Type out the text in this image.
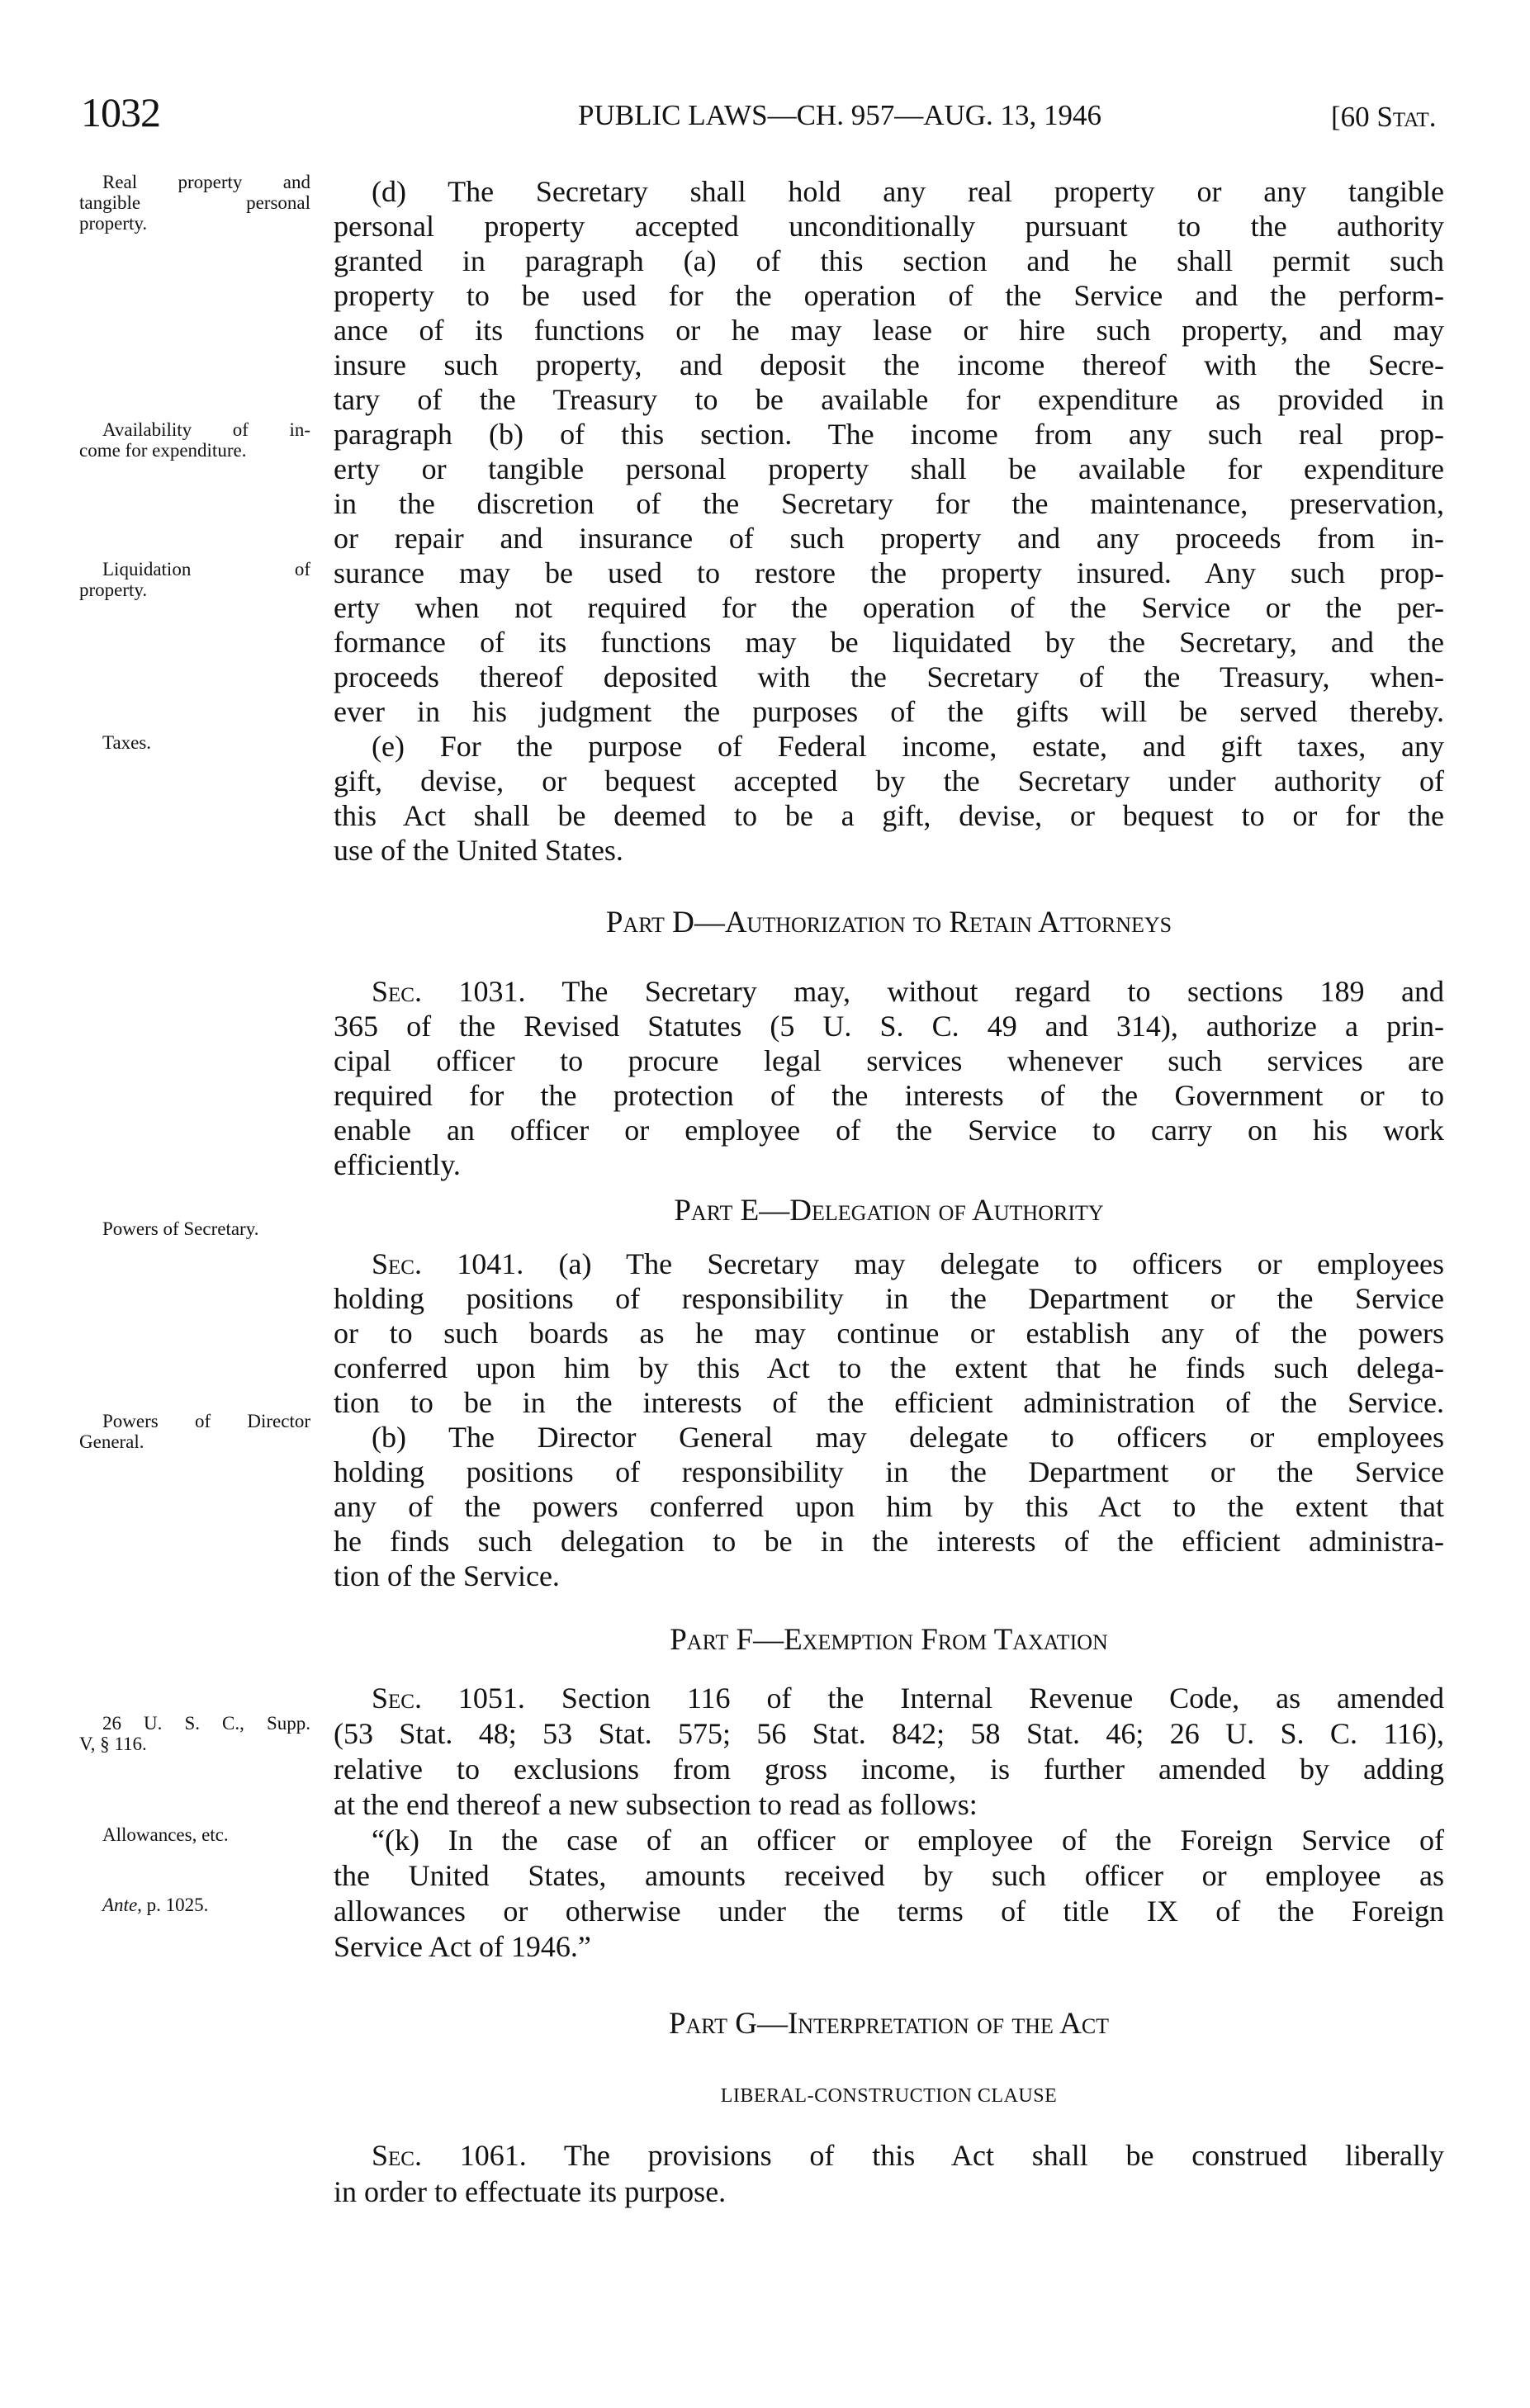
1032	PUBLIC LAWS—CH. 957—AUG. 13, 1946	[60 Stat.
Real property and
tangible personal
property.
Availability of in-
come for expenditure.
Liquidation of
property.
Taxes.
Powers of Secretary.
Powers of Director
General.
26 U. S. C., Supp.
V, § 116.
Allowances, etc.
Ante, p. 1025.
(d) The Secretary shall hold any real property or any tangible
personal property accepted unconditionally pursuant to the authority
granted in paragraph (a) of this section and he shall permit such
property to be used for the operation of the Service and the perform-
ance of its functions or he may lease or hire such property, and may
insure such property, and deposit the income thereof with the Secre-
tary of the Treasury to be available for expenditure as provided in
paragraph (b) of this section. The income from any such real prop-
erty or tangible personal property shall be available for expenditure
in the discretion of the Secretary for the maintenance, preservation,
or repair and insurance of such property and any proceeds from in-
surance may be used to restore the property insured. Any such prop-
erty when not required for the operation of the Service or the per-
formance of its functions may be liquidated by the Secretary, and the
proceeds thereof deposited with the Secretary of the Treasury, when-
ever in his judgment the purposes of the gifts will be served thereby.
(e) For the purpose of Federal income, estate, and gift taxes, any
gift, devise, or bequest accepted by the Secretary under authority of
this Act shall be deemed to be a gift, devise, or bequest to or for the
use of the United States.
Part D—Authorization to Retain Attorneys
Sec. 1031. The Secretary may, without regard to sections 189 and
365 of the Revised Statutes (5 U. S. C. 49 and 314), authorize a prin-
cipal officer to procure legal services whenever such services are
required for the protection of the interests of the Government or to
enable an officer or employee of the Service to carry on his work
efficiently.
Part E—Delegation of Authority
Sec. 1041. (a) The Secretary may delegate to officers or employees
holding positions of responsibility in the Department or the Service
or to such boards as he may continue or establish any of the powers
conferred upon him by this Act to the extent that he finds such delega-
tion to be in the interests of the efficient administration of the Service.
(b) The Director General may delegate to officers or employees
holding positions of responsibility in the Department or the Service
any of the powers conferred upon him by this Act to the extent that
he finds such delegation to be in the interests of the efficient administra-
tion of the Service.
Part F—Exemption From Taxation
Sec. 1051. Section 116 of the Internal Revenue Code, as amended
(53 Stat. 48; 53 Stat. 575; 56 Stat. 842; 58 Stat. 46; 26 U. S. C. 116),
relative to exclusions from gross income, is further amended by adding
at the end thereof a new subsection to read as follows:
“(k) In the case of an officer or employee of the Foreign Service of
the United States, amounts received by such officer or employee as
allowances or otherwise under the terms of title IX of the Foreign
Service Act of 1946.”
Part G—Interpretation of the Act
LIBERAL-CONSTRUCTION CLAUSE
Sec. 1061. The provisions of this Act shall be construed liberally
in order to effectuate its purpose.
